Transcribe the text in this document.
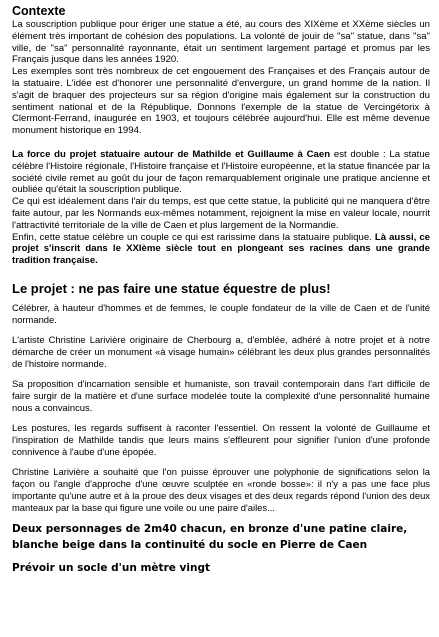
Contexte

La souscription publique pour ériger une statue a été, au cours des XIXème et XXème siècles un élément très important de cohésion des populations. La volonté de jouir de "sa" statue, dans "sa" ville, de "sa" personnalité rayonnante, était un sentiment largement partagé et promus par les Français jusque dans les années 1920.

Les exemples sont très nombreux de cet engouement des Françaises et des Français autour de la statuaire. L'idée est d'honorer une personnalité d'envergure, un grand homme de la nation. Il s'agit de braquer des projecteurs sur sa région d'origine mais également sur la construction du sentiment national et de la République. Donnons l'exemple de la statue de Vercingétorix à Clermont-Ferrand, inaugurée en 1903, et toujours célébrée aujourd'hui. Elle est même devenue monument historique en 1994.

La force du projet statuaire autour de Mathilde et Guillaume à Caen est double : La statue célèbre l'Histoire régionale, l'Histoire française et l'Histoire européenne, et la statue financée par la société civile remet au goût du jour de façon remarquablement originale une pratique ancienne et oubliée qu'était la souscription publique.

Ce qui est idéalement dans l'air du temps, est que cette statue, la publicité qui ne manquera d'être faite autour, par les Normands eux-mêmes notamment, rejoignent la mise en valeur locale, nourrit l'attractivité territoriale de la ville de Caen et plus largement de la Normandie.

Enfin, cette statue célèbre un couple ce qui est rarissime dans la statuaire publique. Là aussi, ce projet s'inscrit dans le XXIème siècle tout en plongeant ses racines dans une grande tradition française.

Le projet : ne pas faire une statue équestre de plus!

Célébrer, à hauteur d'hommes et de femmes, le couple fondateur de la ville de Caen et de l'unité normande.

L'artiste Christine Larivière originaire de Cherbourg a, d'emblée, adhéré à notre projet et à notre démarche de créer un monument «à visage humain» célébrant les deux plus grandes personnalités de l'histoire normande.

Sa proposition d'incarnation sensible et humaniste, son travail contemporain dans l'art difficile de faire surgir de la matière et d'une surface modelée toute la complexité d'une personnalité humaine nous a convaincus.

Les postures, les regards suffisent à raconter l'essentiel. On ressent la volonté de Guillaume et l'inspiration de Mathilde tandis que leurs mains s'effleurent pour signifier l'union d'une profonde connivence à l'aube d'une épopée.

Christine Larivière a souhaité que l'on puisse éprouver une polyphonie de significations selon la façon ou l'angle d'approche d'une œuvre sculptée en «ronde bosse»: il n'y a pas une face plus importante qu'une autre et à la proue des deux visages et des deux regards répond l'union des deux manteaux par la base qui figure une voile ou une paire d'ailes...

Deux personnages de 2m40 chacun, en bronze d'une patine claire, blanche beige dans la continuité du socle en Pierre de Caen

Prévoir un socle d'un mètre vingt
